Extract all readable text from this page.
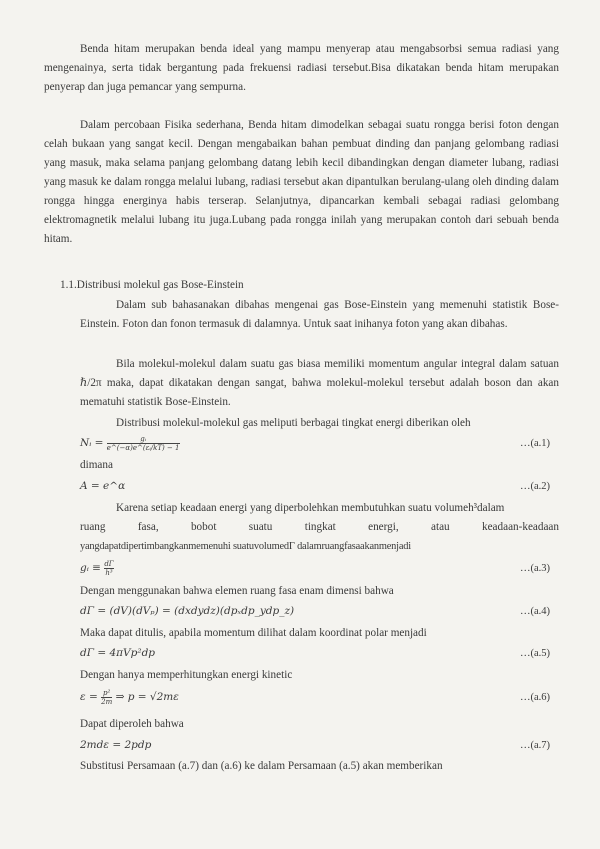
Benda hitam merupakan benda ideal yang mampu menyerap atau mengabsorbsi semua radiasi yang mengenainya, serta tidak bergantung pada frekuensi radiasi tersebut.Bisa dikatakan benda hitam merupakan penyerap dan juga pemancar yang sempurna.

Dalam percobaan Fisika sederhana, Benda hitam dimodelkan sebagai suatu rongga berisi foton dengan celah bukaan yang sangat kecil. Dengan mengabaikan bahan pembuat dinding dan panjang gelombang radiasi yang masuk, maka selama panjang gelombang datang lebih kecil dibandingkan dengan diameter lubang, radiasi yang masuk ke dalam rongga melalui lubang, radiasi tersebut akan dipantulkan berulang-ulang oleh dinding dalam rongga hingga energinya habis terserap. Selanjutnya, dipancarkan kembali sebagai radiasi gelombang elektromagnetik melalui lubang itu juga.Lubang pada rongga inilah yang merupakan contoh dari sebuah benda hitam.

1.1.Distribusi molekul gas Bose-Einstein

Dalam sub bahasanakan dibahas mengenai gas Bose-Einstein yang memenuhi statistik Bose-Einstein. Foton dan fonon termasuk di dalamnya. Untuk saat inihanya foton yang akan dibahas.

Bila molekul-molekul dalam suatu gas biasa memiliki momentum angular integral dalam satuan ℏ/2π maka, dapat dikatakan dengan sangat, bahwa molekul-molekul tersebut adalah boson dan akan mematuhi statistik Bose-Einstein.

Distribusi molekul-molekul gas meliputi berbagai tingkat energi diberikan oleh

Nᵢ = $\frac{\text{gᵢ}}{\text{e\textasciicircum{}(−α)e\textasciicircum{}(εᵢ/kT) − 1}}$	…(a.1)
dimana
A = e^α	…(a.2)
Karena setiap keadaan energi yang diperbolehkan membutuhkan suatu volumeh³dalam
ruang	fasa,	bobot	suatu	tingkat	energi,	atau	keadaan-keadaan
yangdapatdipertimbangkanmemenuhi suatuvolumedΓ dalamruangfasaakanmenjadi
gᵢ ≡ $\frac{d\Gamma}{\text{h³}}$	…(a.3)
Dengan menggunakan bahwa elemen ruang fasa enam dimensi bahwa
dΓ = (dV)(dVₚ) = (dxdydz)(dpₓdp_ydp_z)	…(a.4)
Maka dapat ditulis, apabila momentum dilihat dalam koordinat polar menjadi
dΓ = 4πVp²dp	…(a.5)
Dengan hanya memperhitungkan energi kinetic
$\varepsilon = \frac{\text{p²}}{2m}$ ⇒ p = √2mε	…(a.6)
Dapat diperoleh bahwa
2mdε = 2pdp	…(a.7)
Substitusi Persamaan (a.7) dan (a.6) ke dalam Persamaan (a.5) akan memberikan
